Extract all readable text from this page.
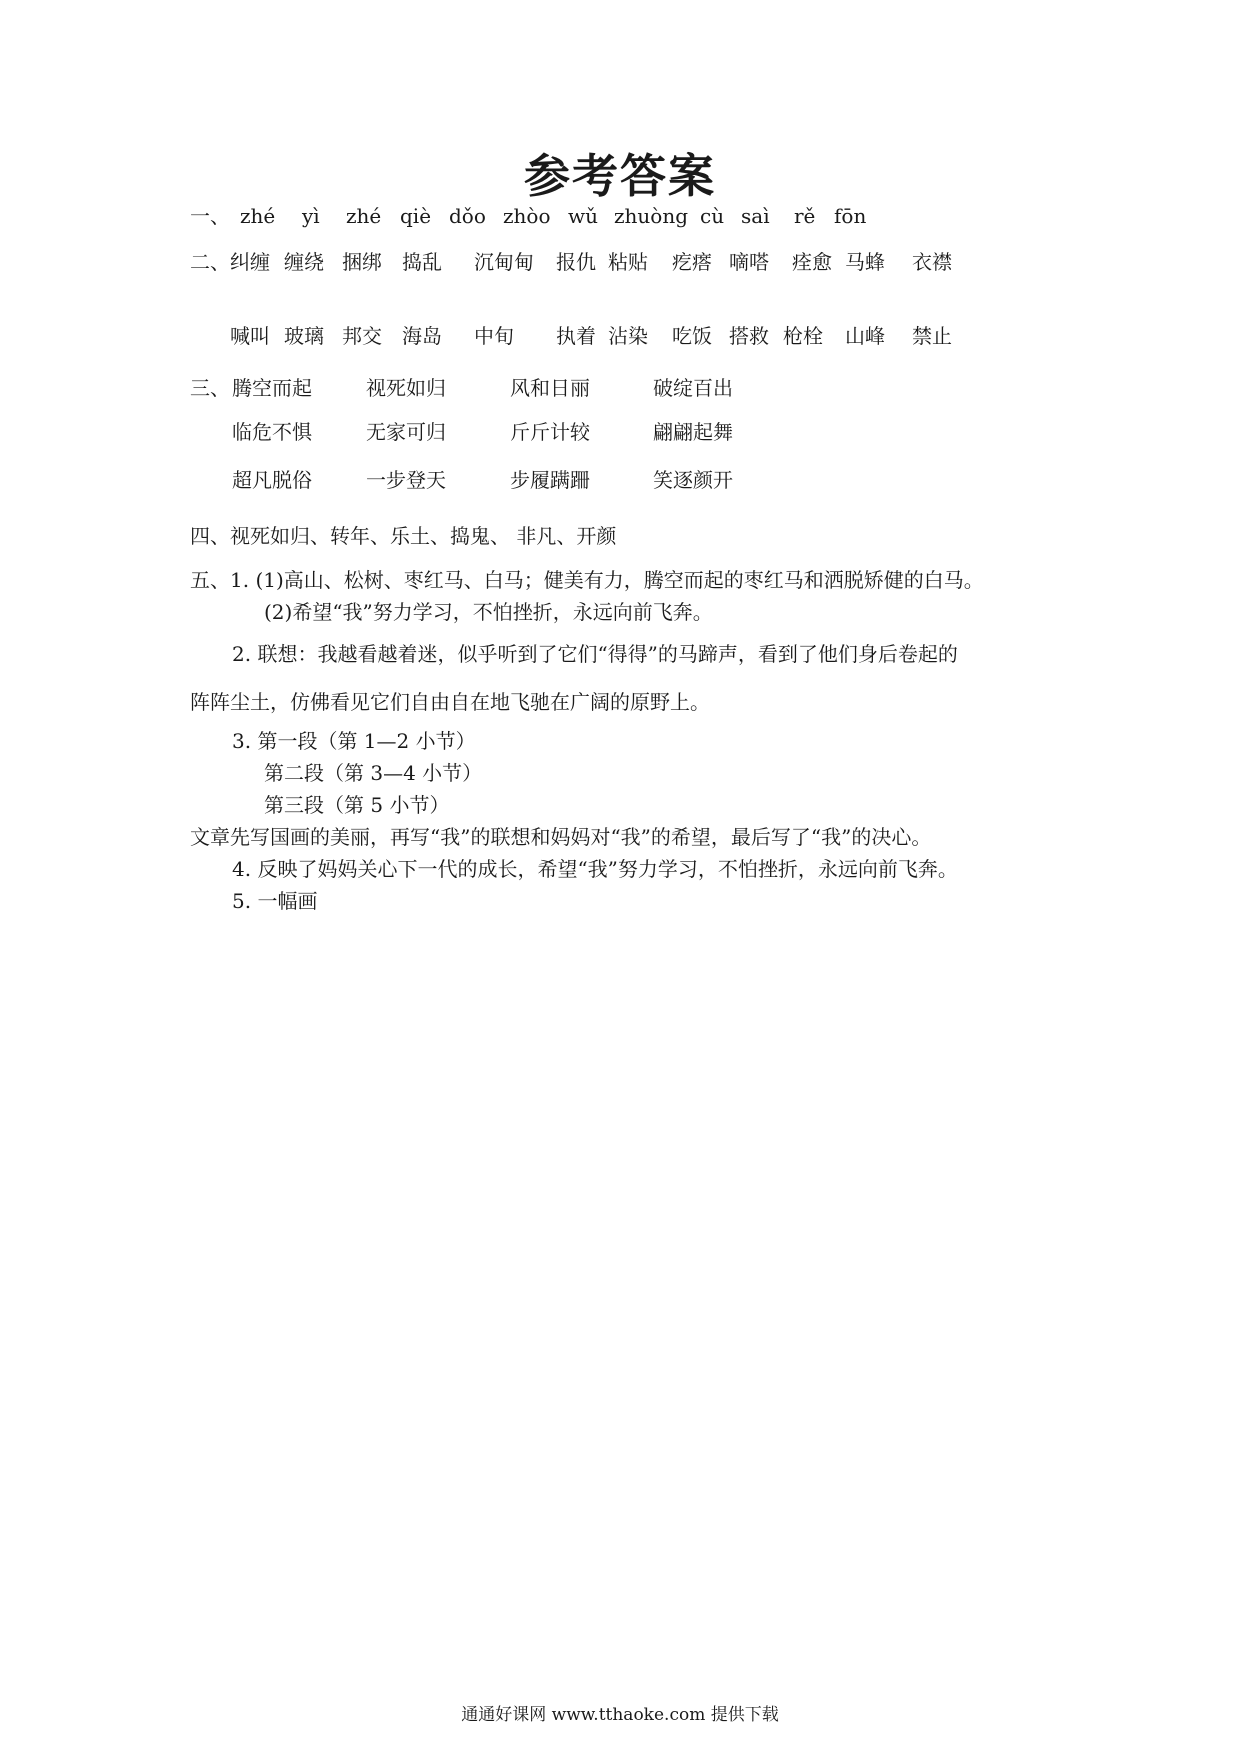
参考答案
一、 zhé yì zhé qiè dǒo zhòo wǔ zhuòng cù saì rě fōn
二、 纠缠 缠绕 捆绑 捣乱 沉甸甸 报仇 粘贴 疙瘩 嘀嗒 痊愈 马蜂 衣襟
喊叫 玻璃 邦交 海岛 中旬 执着 沾染 吃饭 搭救 枪栓 山峰 禁止
三、 腾空而起	视死如归	风和日丽	破绽百出
临危不惧	无家可归	斤斤计较	翩翩起舞
超凡脱俗	一步登天	步履蹒跚	笑逐颜开
四、视死如归、转年、乐土、捣鬼、 非凡、开颜
五、1. (1)高山、松树、枣红马、白马；健美有力，腾空而起的枣红马和洒脱矫健的白马。
(2)希望“我”努力学习，不怕挫折，永远向前飞奔。
2. 联想：我越看越着迷，似乎听到了它们“得得”的马蹄声，看到了他们身后卷起的
阵阵尘土，仿佛看见它们自由自在地飞驰在广阔的原野上。
3. 第一段（第 1—2 小节）
第二段（第 3—4 小节）
第三段（第 5 小节）
文章先写国画的美丽，再写“我”的联想和妈妈对“我”的希望，最后写了“我”的决心。
4. 反映了妈妈关心下一代的成长，希望“我”努力学习，不怕挫折，永远向前飞奔。
5. 一幅画
通通好课网 www.tthaoke.com 提供下载
